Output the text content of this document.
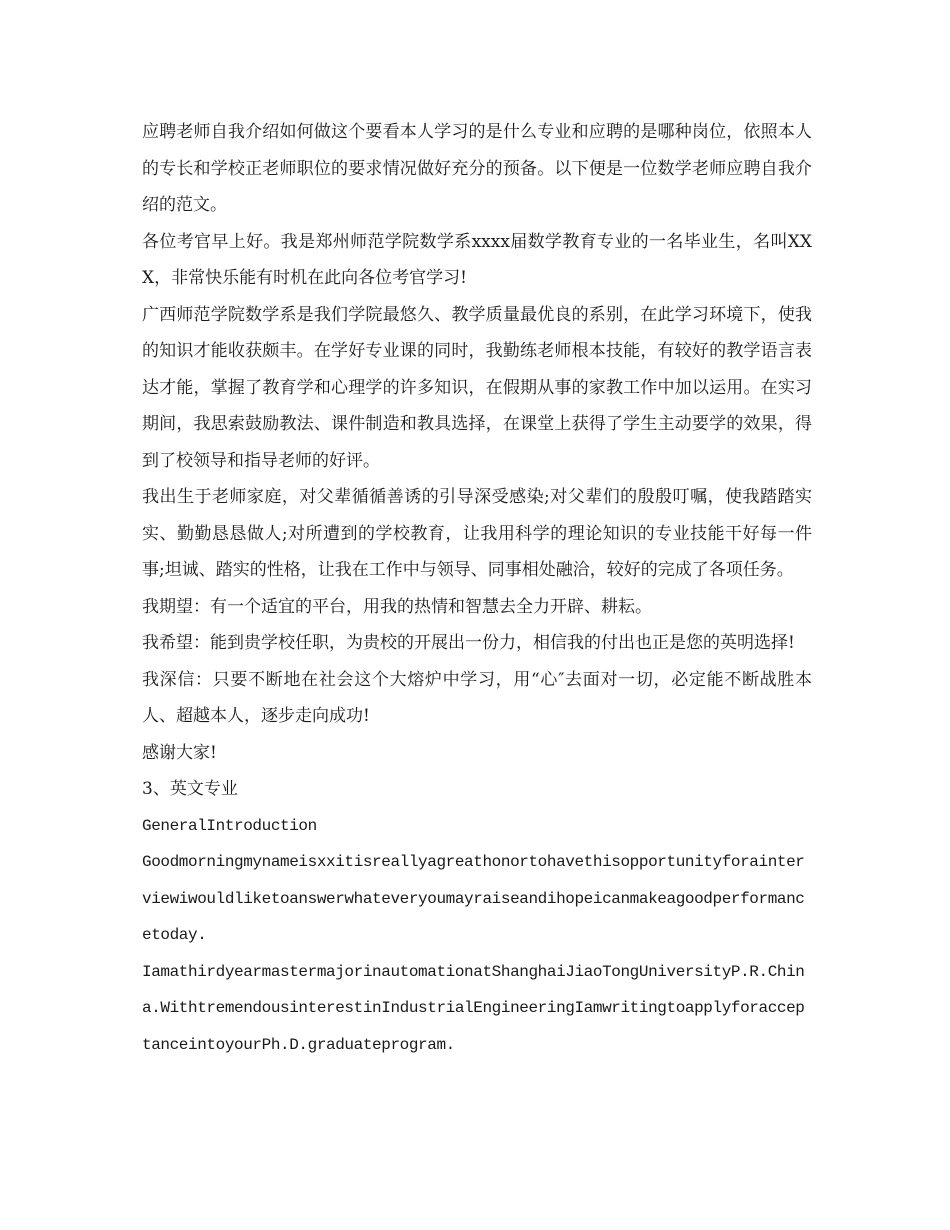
应聘老师自我介绍如何做这个要看本人学习的是什么专业和应聘的是哪种岗位，依照本人的专长和学校正老师职位的要求情况做好充分的预备。以下便是一位数学老师应聘自我介绍的范文。

各位考官早上好。我是郑州师范学院数学系xxxx届数学教育专业的一名毕业生，名叫XXX，非常快乐能有时机在此向各位考官学习!

广西师范学院数学系是我们学院最悠久、教学质量最优良的系别，在此学习环境下，使我的知识才能收获颇丰。在学好专业课的同时，我勤练老师根本技能，有较好的教学语言表达才能，掌握了教育学和心理学的许多知识，在假期从事的家教工作中加以运用。在实习期间，我思索鼓励教法、课件制造和教具选择，在课堂上获得了学生主动要学的效果，得到了校领导和指导老师的好评。

我出生于老师家庭，对父辈循循善诱的引导深受感染;对父辈们的殷殷叮嘱，使我踏踏实实、勤勤恳恳做人;对所遭到的学校教育，让我用科学的理论知识的专业技能干好每一件事;坦诚、踏实的性格，让我在工作中与领导、同事相处融洽，较好的完成了各项任务。

我期望：有一个适宜的平台，用我的热情和智慧去全力开辟、耕耘。

我希望：能到贵学校任职，为贵校的开展出一份力，相信我的付出也正是您的英明选择!

我深信：只要不断地在社会这个大熔炉中学习，用“心″去面对一切，必定能不断战胜本人、超越本人，逐步走向成功!

感谢大家!

3、英文专业

GeneralIntroduction

Goodmorningmynameisxxitisreallyagreathonortohavethisopportunityforainterviewiwouldliketoanswerwhateveryoumayraiseandihopeicanmakeagoodperformancetoday.

IamathirdyearmastermajorinautomationatShanghaiJiaoTongUniversityP.R.China.WithtremendousinterestinIndustrialEngineeringIamwritingtoapplyforacceptanceintoyourPh.D.graduateprogram.
